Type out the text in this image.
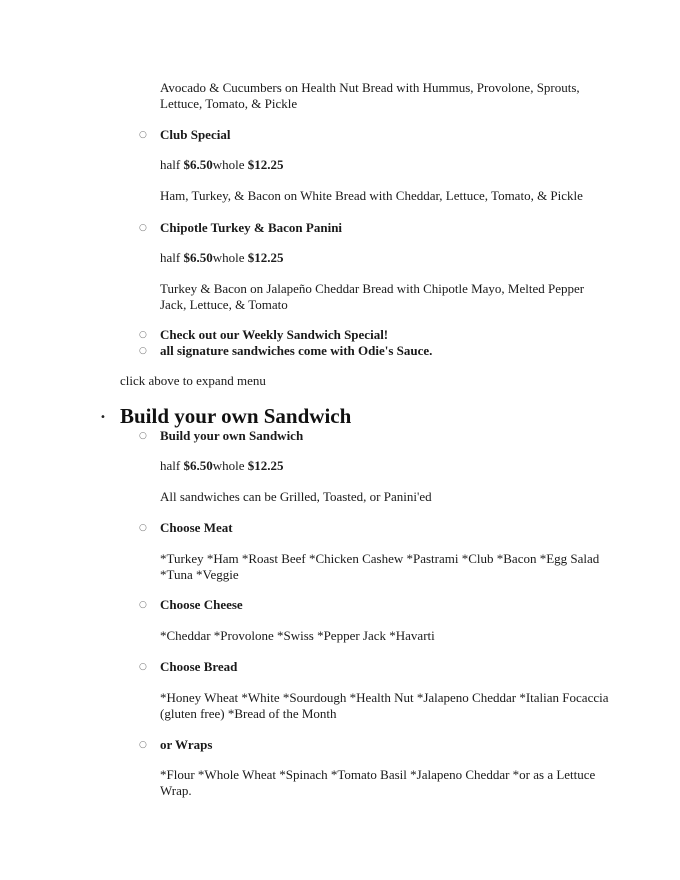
Avocado & Cucumbers on Health Nut Bread with Hummus, Provolone, Sprouts, Lettuce, Tomato, & Pickle
○ Club Special
half $6.50whole $12.25
Ham, Turkey, & Bacon on White Bread with Cheddar, Lettuce, Tomato, & Pickle
○ Chipotle Turkey & Bacon Panini
half $6.50whole $12.25
Turkey & Bacon on Jalapeño Cheddar Bread with Chipotle Mayo, Melted Pepper Jack, Lettuce, & Tomato
○ Check out our Weekly Sandwich Special!
○ all signature sandwiches come with Odie's Sauce.
click above to expand menu
• Build your own Sandwich
○ Build your own Sandwich
half $6.50whole $12.25
All sandwiches can be Grilled, Toasted, or Panini'ed
○ Choose Meat
*Turkey *Ham *Roast Beef *Chicken Cashew *Pastrami *Club *Bacon *Egg Salad *Tuna *Veggie
○ Choose Cheese
*Cheddar *Provolone *Swiss *Pepper Jack *Havarti
○ Choose Bread
*Honey Wheat *White *Sourdough *Health Nut *Jalapeno Cheddar *Italian Focaccia (gluten free) *Bread of the Month
○ or Wraps
*Flour *Whole Wheat *Spinach *Tomato Basil *Jalapeno Cheddar *or as a Lettuce Wrap.
